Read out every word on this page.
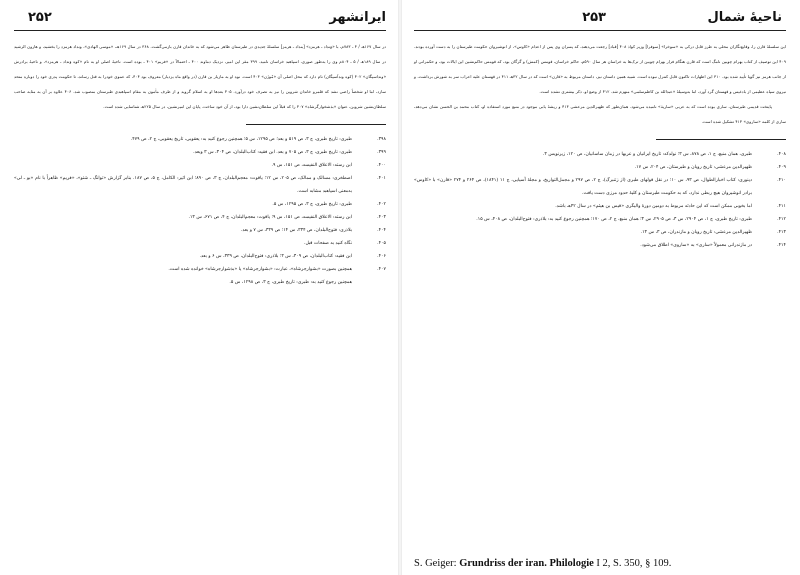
ایرانشهر
۲۵۲

در سال ۱۶۷هـ / ۴ ـ ۷۸۳م، با «وَنداد ـ هرمزد» [بنداد ـ هرمز] سلسلهٔ جدیدی در طبرستان ظاهر می‌شود که به خاندان قارن بازمی‌گشت. ۳۶۸ در سال ۱۶۹هـ، «موسی الهادی»، ونداد هرمزد را بخشید، و هارون الرشید در سال ۱۸۹هـ / ۵ ـ ۸۰۴م وی را به‌طور صوری، اسپاهبد خراسان نامید. ۳۹۹ مقر این امیر، نزدیک دماوند ۴۰۰ ـ احتمالاً در «فریم» ۴۰۱ ـ بوده است. ناحیهٔ اصلی او به نام «کوه وَنداد ـ هرمزد»، و ناحیهٔ برادرش «ونداسپگان» ۴۰۲ (کوه وندآسپگان) نام دارد که محل اصلی آن «مُوزَن» ۴۰۳ است. نوه او به مازیار بن قارن (در واقع ماه یزدیار) معروف بود ۴۰۴، که عموی خودرا به قتل رساند، تا حکومت پدری خود را دوباره متحد سازد، اما او شخصاً راضی نشد که قلمرو خاندان شروین را نیز به تصرف خود درآورد. ۴۰۵ بعدها او به اسلام گروید و از طرف مأمون به مقام اسپاهبدی طبرستان منصوب شد. ۴۰۶ علاوه بر آن به مثابه صاحب سلطان‌نشین شروین، عنوان «بذشخوارگرشاه» ۴۰۷ را که قبلاً این سلطان‌نشین دارا بود، از آن خود ساخت. پایان این امیرنشین، در سال ۲۲۵هـ شناسایی شده است.

۳۹۸.
طبری: تاریخ طبری، ج ۳، ص ۵۱۹ و بعد؛ ص ۱۲۹۵، س ۵؛ همچنین رجوع کنید به: یعقوبی، تاریخ یعقوبی، ج ۲، ص ۴۷۹.
۳۹۹.
طبری: تاریخ طبری، ج ۳، ص ۷۰۵ و بعد. ابن فقیه: کتاب‌البلدان، ص ۳۰۴، س ۳ وبعد.
۴۰۰.
ابن رسته: الاعلاق النفیسه، ص ۱۵۱، س ۹.
۴۰۱.
اصطخری: مسالک و ممالک، ص ۲۰۵، س ۱۲؛ یاقوت: معجم‌البلدان، ج ۳، ص ۸۹۰؛ ابن اثیر: الکامل، ج ۵، ص ۱۸۷. بنابر گزارش «توانگ ـ شتو»، «فریم» ظاهراً با نام «بو ـ لی» به‌معنی اسپاهبد مشابه است.
۴۰۲.
طبری: تاریخ طبری، ج ۳، ص ۱۲۹۵، س ۵.
۴۰۳.
ابن رسته: الاعلاق النفیسه، ص ۱۵۱، س ۹؛ یاقوت: معجم‌البلدان، ج ۴، ص ۶۷۱، س ۱۳.
۴۰۴.
بلاذری: فتوح‌البلدان، ص ۳۳۴، س ۱۴؛ ص ۳۳۹، س ۷ و بعد.
۴۰۵.
نگاه کنید به صفحات قبل.
۴۰۶.
ابن فقیه: کتاب‌البلدان، ص ۳۰۹، س ۳؛ بلاذری: فتوح‌البلدان، ص ۳۳۹، س ۶ و بعد.
۴۰۷.
همچنین بصورت «بشوارجرشاه»، عبارت: «بشوارجرشاه» یا «بذشوارجرشاه» خوانده شده است.
همچنین رجوع کنید به: طبری: تاریخ طبری، ج ۳، ص ۱۲۹۸، س ۵.
ناحیهٔ شمال
۲۵۳

این سلسلهٔ قارن را، وقایع‌نگاران محلی به طرز قابل درکی به «سوخرا» [سوفرا] وزیر کواذ ۴۰۸ [قباد] رجعت می‌دهند، که پسران وی پس از اعدام «کاوس»، از انوشیروان حکومت طبرستان را به دست آورده بودند. ۴۰۹ این توصیف از کتاب بهرام چوبین نامگ است که قارن هنگام فرار بهرام چوبین از ترک‌ها به خراسان هر سال ۵۹۰م، حاکم خراسان، قومس (کمش) و گرگان بود، که قومس حاکم‌نشین این ایالات بود، و حکمرانی او از جانب هرمز نیز گویا تأیید شده بود. ۴۱۰ این اظهارات تاکنون قابل کنترل نبوده است. شبیه همین داستان نیز، داستان مربوط به «قارن» است که در سال ۳۲هـ ۴۱۱ در قهستان علیه اعراب سر به شورش برداشت، و نیروی سپاه عظیمی از بادغیس و قهستان گرد آورد، اما به‌وسیلهٔ «عبدالله بن کاظم‌سلمی» منهزم شد. ۴۱۲ از وضع او، ذکر بیشتری نشده است.

پایتخت قدیمی طبرستان، ساری بوده است که به عربی «سارية» نامیده می‌شود. همان‌طور که ظهیرالدین مرعشی ۴۱۳ و ریشهٔ یابی موجود در منبع مورد استفاده او، کتاب محمد بن الحسن نشان می‌دهد، ساری از کلمه «ساروی» ۴۱۴ تشکیل شده است.

۴۰۸.
طبری، همان منبع، ج ۱، ص ۸۷۸، س ۳؛ نولدکه: تاریخ ایرانیان و عربها در زمان ساسانیان، ص ۱۲۰، زیرنویس ۳.
۴۰۹.
ظهیرالدین مرعشی: تاریخ رویان و طبرستان، ص ۲۰۴، س ۱۷.
۴۱۰.
دینوری: کتاب اخبارالطوال، ص ۹۳، س ۱۰؛ در نقل قولهای طبری (از زتنبرگ)، ج ۲، ص ۲۹۷ و مجمل‌التواریخ، و مجلهٔ آسیایی، ج ۱۱ (۱۸۴۱)، ص ۲۶۴ و ۲۷۴ «قارن» با «کاوس» برادر انوشیروان هیچ ربطی ندارد، که به حکومت طبرستان و کلیهٔ حدود مرزی دست یافت.
۴۱۱.
اما بخوبی ممکن است که این حادثه مربوط به دومین دورهٔ والیگری «قیس بن هیثم» در سال ۴۲هـ باشد.
۴۱۲.
طبری: تاریخ طبری، ج ۱، ص ۲۹۰۴، س ۳، ص ۲۹۰۵، س ۳؛ همان منبع، ج ۲، ص ۱۷۰؛ همچنین رجوع کنید به: بلاذری: فتوح‌البلدان، ص ۴۰۸، س ۱۵.
۴۱۳.
ظهیرالدین مرعشی: تاریخ رویان و مازندران، ص ۳، س ۱۳.
۴۱۴.
در مازندرانی معمولاً «ساری» به «ساروی» اطلاق می‌شود.
S. Geiger: Grundriss der iran. Philologie I 2, S. 350, § 109.
